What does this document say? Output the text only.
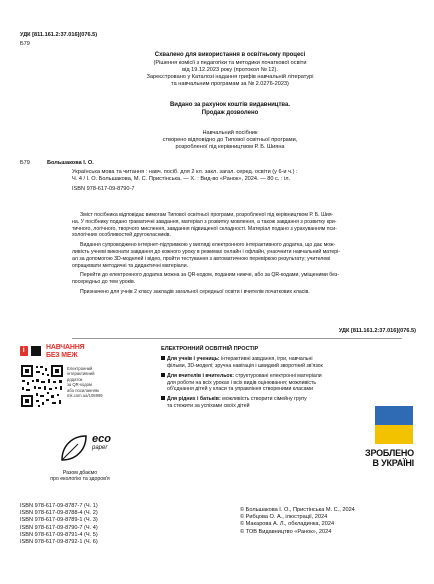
УДК [811.161.2:37.016](076.5)
Б79
Схвалено для використання в освітньому процесі
(Рішення комісії з педагогіки та методики початкової освіти
від 19.12.2023 року (протокол № 12).
Зареєстровано у Каталозі надання грифів навчальній літературі
та навчальним програмам за № 2.0276-2023)
Видано за рахунок коштів видавництва.
Продаж дозволено
Навчальний посібник
створено відповідно до Типової освітньої програми,
розробленої під керівництвом Р. Б. Шияна
Б79	Большакова І. О.
Українська мова та читання : навч. посіб. для 2 кл. закл. загал. серед. освіти (у 6-и ч.) :
Ч. 4 / І. О. Большакова, М. С. Пристінська. — Х. : Вид-во «Ранок», 2024. — 80 с. : іл.
ISBN 978-617-09-8790-7
Зміст посібника відповідає вимогам Типової освітньої програми, розробленої під керівництвом Р. Б. Шия-
на. У посібнику подано граматичні завдання, матеріал з розвитку мовлення, а також завдання з розвитку кри-
тичного, логічного, творчого мислення, завдання підвищеної складності. Матеріал подано з урахуванням пси-
хологічних особливостей другокласників.
Видання супроводжено інтернет-підтримкою у вигляді електронного інтерактивного додатка, що дає мож-
ливість учневі виконати завдання до кожного уроку в режимах онлайн і офлайн, унаочнити навчальний матері-
ал за допомогою 3D-моделей і відео, пройти тестування з автоматичною перевіркою результату; учителеві
опрацювати методичні та дидактичні матеріали.
Перейти до електронного додатка можна за QR-кодом, поданим нижче, або за QR-кодами, уміщеними без-
посередньо до тем уроків.
Призначено для учнів 2 класу закладів загальної середньої освіти і вчителів початкових класів.
УДК [811.161.2:37.016](076.5)
i	НАВЧАННЯ
БЕЗ МЕЖ
Електронний
інтерактивний
додаток
за QR-кодом
або посиланням
mk.com.ua/105969
eco
paper
Разом дбаємо
про екологію та здоров'я
ЕЛЕКТРОННИЙ ОСВІТНІЙ ПРОСТІР
Для учнів і учениць: інтерактивні завдання, ігри, навчальні
фільми, 3D-моделі; зручна навігація і швидкий зворотний зв'язок
Для вчителів і вчительок: структуровані електронні матеріали
для роботи на всіх уроках і всіх видів оцінювання; можливість
об'єднання дітей у класи та управління створеними класами
Для рідних і батьків: можливість створити сімейну групу
та стежити за успіхами своїх дітей
ЗРОБЛЕНО
В УКРАЇНІ
ISBN 978-617-09-8787-7 (Ч. 1)
ISBN 978-617-09-8788-4 (Ч. 2)
ISBN 978-617-09-8789-1 (Ч. 3)
ISBN 978-617-09-8790-7 (Ч. 4)
ISBN 978-617-09-8791-4 (Ч. 5)
ISBN 978-617-09-8792-1 (Ч. 6)
© Большакова І. О., Пристінська М. С., 2024
© Рибцова О. А., ілюстрації, 2024
© Макарова А. Л., обкладинка, 2024
© ТОВ Видавництво «Ранок», 2024
